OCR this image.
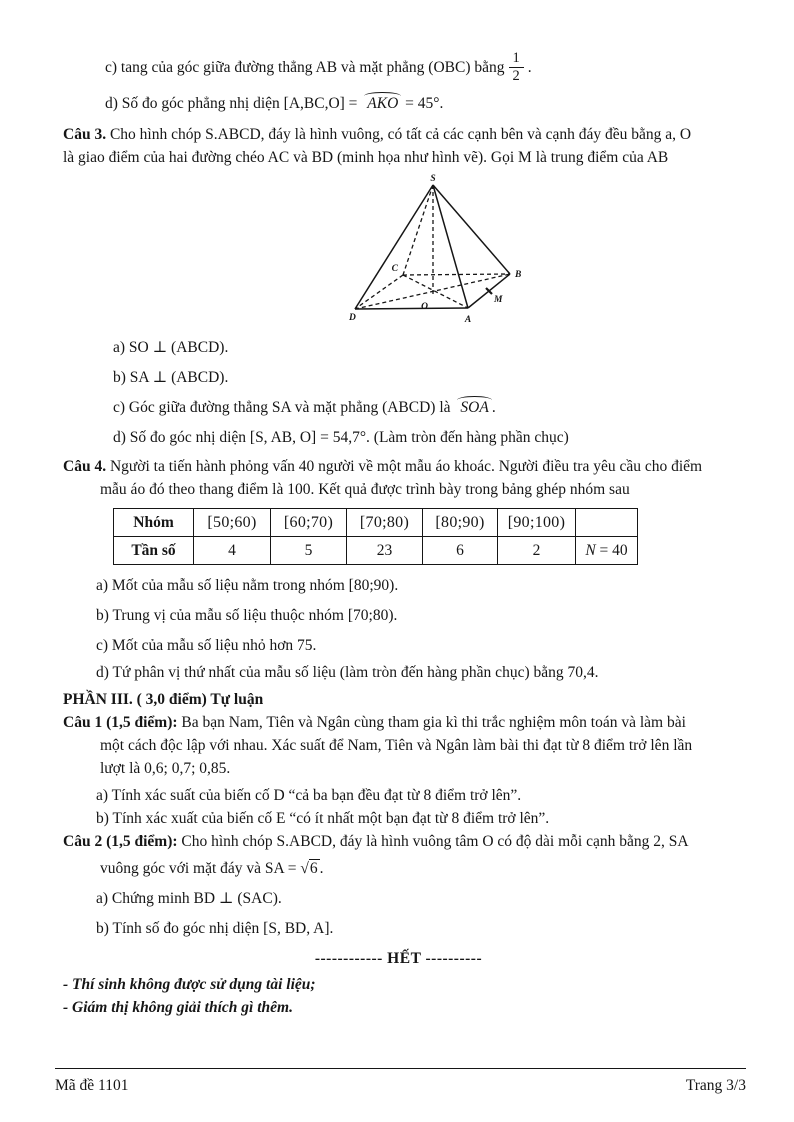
c) tang của góc giữa đường thẳng AB và mặt phẳng (OBC) bằng $\frac{1}{2}$ .
d) Số đo góc phẳng nhị diện [A,BC,O] = AKO = 45°.
Câu 3. Cho hình chóp S.ABCD, đáy là hình vuông, có tất cả các cạnh bên và cạnh đáy đều bằng a, O
là giao điểm của hai đường chéo AC và BD (minh họa như hình vẽ). Gọi M là trung điểm của AB
S
C
B
D	A
O
M
a) SO ⊥ (ABCD).
b) SA ⊥ (ABCD).
c) Góc giữa đường thẳng SA và mặt phẳng (ABCD) là SOA .
d) Số đo góc nhị diện [S, AB, O] = 54,7°. (Làm tròn đến hàng phần chục)
Câu 4. Người ta tiến hành phỏng vấn 40 người về một mẫu áo khoác. Người điều tra yêu cầu cho điểm
mẫu áo đó theo thang điểm là 100. Kết quả được trình bày trong bảng ghép nhóm sau
Nhóm	[50;60)	[60;70)	[70;80)	[80;90)	[90;100)	
Tần số	4	5	23	6	2	N = 40
a) Mốt của mẫu số liệu nằm trong nhóm [80;90).
b) Trung vị của mẫu số liệu thuộc nhóm [70;80).
c) Mốt của mẫu số liệu nhỏ hơn 75.
d) Tứ phân vị thứ nhất của mẫu số liệu (làm tròn đến hàng phần chục) bằng 70,4.
PHẦN III. ( 3,0 điểm) Tự luận
Câu 1 (1,5 điểm): Ba bạn Nam, Tiên và Ngân cùng tham gia kì thi trắc nghiệm môn toán và làm bài
một cách độc lập với nhau. Xác suất để Nam, Tiên và Ngân làm bài thi đạt từ 8 điểm trở lên lần
lượt là 0,6; 0,7; 0,85.
a) Tính xác suất của biến cố D “cả ba bạn đều đạt từ 8 điểm trở lên”.
b) Tính xác xuất của biến cố E “có ít nhất một bạn đạt từ 8 điểm trở lên”.
Câu 2 (1,5 điểm): Cho hình chóp S.ABCD, đáy là hình vuông tâm O có độ dài mỗi cạnh bằng 2, SA
vuông góc với mặt đáy và SA = √6 .
a) Chứng minh BD ⊥ (SAC).
b) Tính số đo góc nhị diện [S, BD, A].
------------ HẾT ----------
- Thí sinh không được sử dụng tài liệu;
- Giám thị không giải thích gì thêm.
Mã đề 1101	Trang 3/3
